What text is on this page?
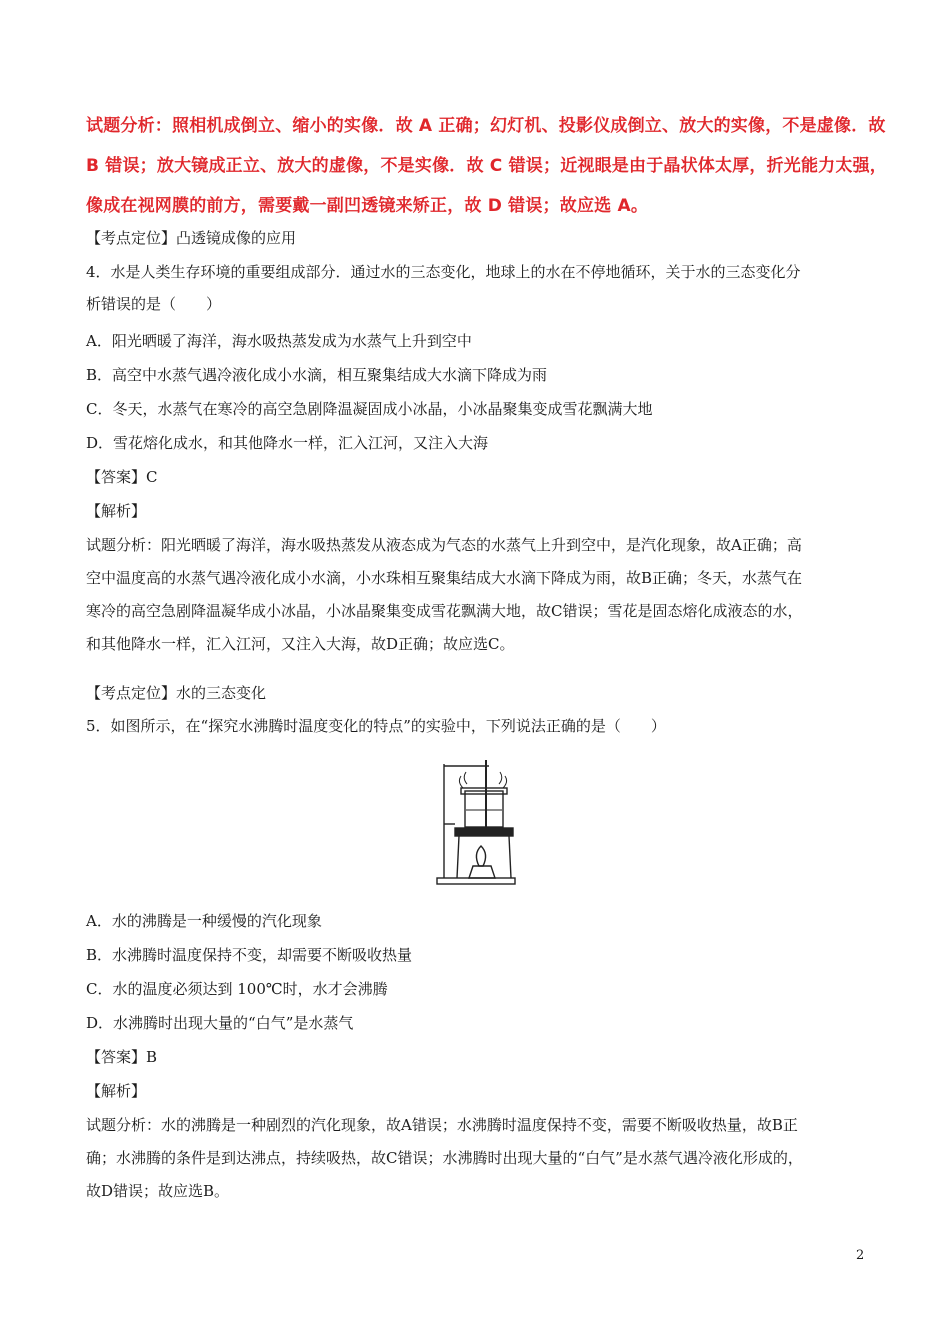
试题分析：照相机成倒立、缩小的实像．故 A 正确；幻灯机、投影仪成倒立、放大的实像，不是虚像．故

B 错误；放大镜成正立、放大的虚像，不是实像．故 C 错误；近视眼是由于晶状体太厚，折光能力太强，

像成在视网膜的前方，需要戴一副凹透镜来矫正，故 D 错误；故应选 A。

【考点定位】凸透镜成像的应用

4．水是人类生存环境的重要组成部分．通过水的三态变化，地球上的水在不停地循环，关于水的三态变化分

析错误的是（　　）

A．阳光晒暖了海洋，海水吸热蒸发成为水蒸气上升到空中
B．高空中水蒸气遇冷液化成小水滴，相互聚集结成大水滴下降成为雨
C．冬天，水蒸气在寒冷的高空急剧降温凝固成小冰晶，小冰晶聚集变成雪花飘满大地
D．雪花熔化成水，和其他降水一样，汇入江河，又注入大海
【答案】C
【解析】

试题分析：阳光晒暖了海洋，海水吸热蒸发从液态成为气态的水蒸气上升到空中，是汽化现象，故A正确；高

空中温度高的水蒸气遇冷液化成小水滴，小水珠相互聚集结成大水滴下降成为雨，故B正确；冬天，水蒸气在

寒冷的高空急剧降温凝华成小冰晶，小冰晶聚集变成雪花飘满大地，故C错误；雪花是固态熔化成液态的水，

和其他降水一样，汇入江河，又注入大海，故D正确；故应选C。

【考点定位】水的三态变化
5．如图所示，在“探究水沸腾时温度变化的特点”的实验中，下列说法正确的是（　　）
A．水的沸腾是一种缓慢的汽化现象
B．水沸腾时温度保持不变，却需要不断吸收热量
C．水的温度必须达到 100℃时，水才会沸腾
D．水沸腾时出现大量的“白气”是水蒸气
【答案】B
【解析】

试题分析：水的沸腾是一种剧烈的汽化现象，故A错误；水沸腾时温度保持不变，需要不断吸收热量，故B正

确；水沸腾的条件是到达沸点，持续吸热，故C错误；水沸腾时出现大量的“白气”是水蒸气遇冷液化形成的，

故D错误；故应选B。

2
